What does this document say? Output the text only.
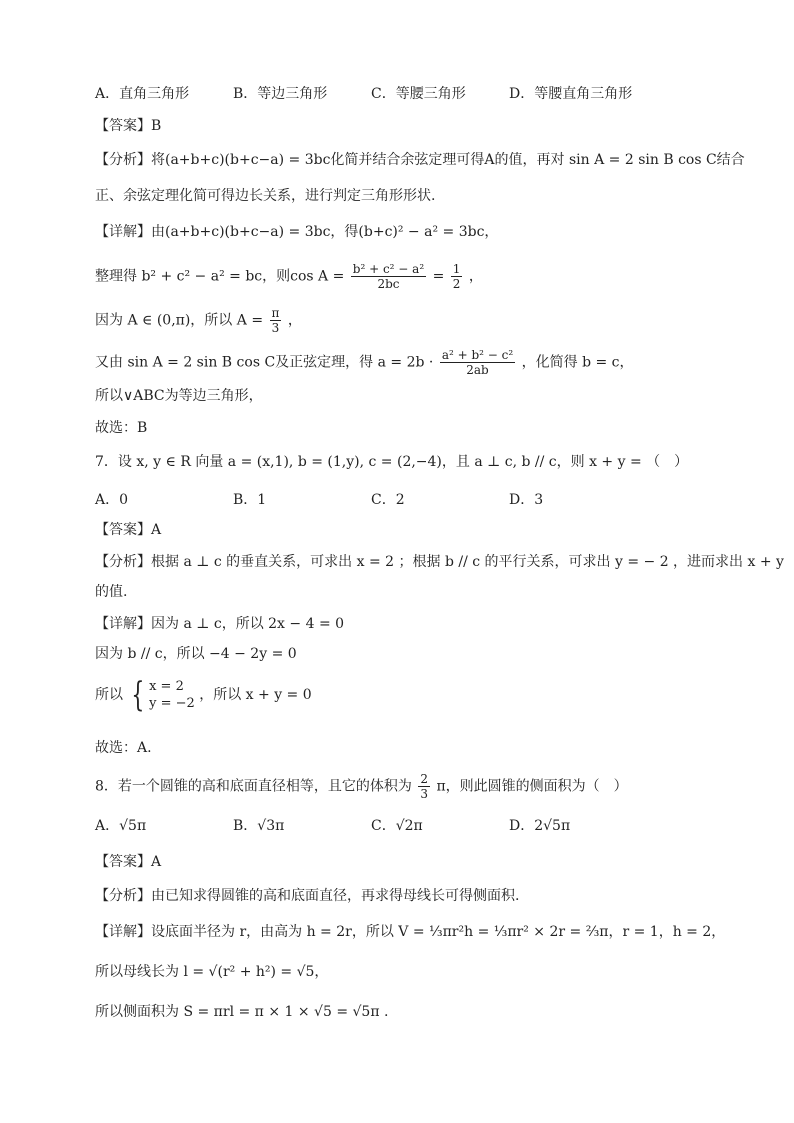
A．直角三角形	B．等边三角形	C．等腰三角形	D．等腰直角三角形
【答案】B
【分析】将(a+b+c)(b+c−a) = 3bc化简并结合余弦定理可得A的值，再对 sin A = 2 sin B cos C结合
正、余弦定理化简可得边长关系，进行判定三角形形状.
【详解】由(a+b+c)(b+c−a) = 3bc，得(b+c)² − a² = 3bc，
整理得 b² + c² − a² = bc，则$\cos A = \frac{\text{b² + c² − a²}}{2bc} = \frac{1}{2}$ ，
因为 A ∈ (0,π)，所以 $A = \frac{\pi}{3}$ ，
又由 sin A = 2 sin B cos C及正弦定理，得 $a = 2b \cdot \frac{\text{a² + b² − c²}}{2ab}$ ，化简得 b = c，
所以∨ABC为等边三角形，
故选：B
7．设 x, y ∈ R 向量 a = (x,1), b = (1,y), c = (2,−4)，且 a ⊥ c, b // c，则 x + y = （　）
A．0	B．1	C．2	D．3
【答案】A
【分析】根据 a ⊥ c 的垂直关系，可求出 x = 2 ；根据 b // c 的平行关系，可求出 y = − 2 ，进而求出 x + y
的值.
【详解】因为 a ⊥ c，所以 2x − 4 = 0
因为 b // c，所以 −4 − 2y = 0
所以 { x = 2
y = −2
，所以 x + y = 0
故选：A.
8．若一个圆锥的高和底面直径相等，且它的体积为 $\frac{2}{3}$ π，则此圆锥的侧面积为（　）
A．√5π	B．√3π	C．√2π	D．2√5π
【答案】A
【分析】由已知求得圆锥的高和底面直径，再求得母线长可得侧面积.
【详解】设底面半径为 r，由高为 h = 2r，所以 V = ⅓πr²h = ⅓πr² × 2r = ⅔π，r = 1，h = 2，
所以母线长为 l = √(r² + h²) = √5，
所以侧面积为 S = πrl = π × 1 × √5 = √5π .
